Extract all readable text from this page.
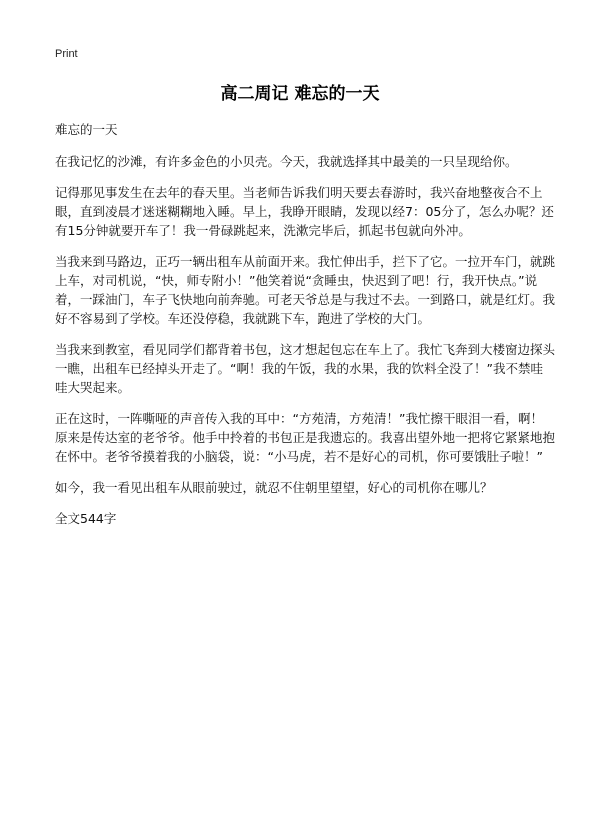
Print
高二周记 难忘的一天

难忘的一天

在我记忆的沙滩，有许多金色的小贝壳。今天，我就选择其中最美的一只呈现给你。

记得那见事发生在去年的春天里。当老师告诉我们明天要去春游时，我兴奋地整夜合不上眼，直到凌晨才迷迷糊糊地入睡。早上，我睁开眼睛，发现以经7：05分了，怎么办呢？还有15分钟就要开车了！我一骨碌跳起来，洗漱完毕后，抓起书包就向外冲。

当我来到马路边，正巧一辆出租车从前面开来。我忙伸出手，拦下了它。一拉开车门，就跳上车，对司机说，“快，师专附小！”他笑着说“贪睡虫，快迟到了吧！行，我开快点。”说着，一踩油门，车子飞快地向前奔驰。可老天爷总是与我过不去。一到路口，就是红灯。我好不容易到了学校。车还没停稳，我就跳下车，跑进了学校的大门。

当我来到教室，看见同学们都背着书包，这才想起包忘在车上了。我忙飞奔到大楼窗边探头一瞧，出租车已经掉头开走了。“啊！我的午饭，我的水果，我的饮料全没了！”我不禁哇哇大哭起来。

正在这时，一阵嘶哑的声音传入我的耳中：“方苑清，方苑清！”我忙擦干眼泪一看，啊！原来是传达室的老爷爷。他手中拎着的书包正是我遗忘的。我喜出望外地一把将它紧紧地抱在怀中。老爷爷摸着我的小脑袋，说：“小马虎，若不是好心的司机，你可要饿肚子啦！”

如今，我一看见出租车从眼前驶过，就忍不住朝里望望，好心的司机你在哪儿？

全文544字
